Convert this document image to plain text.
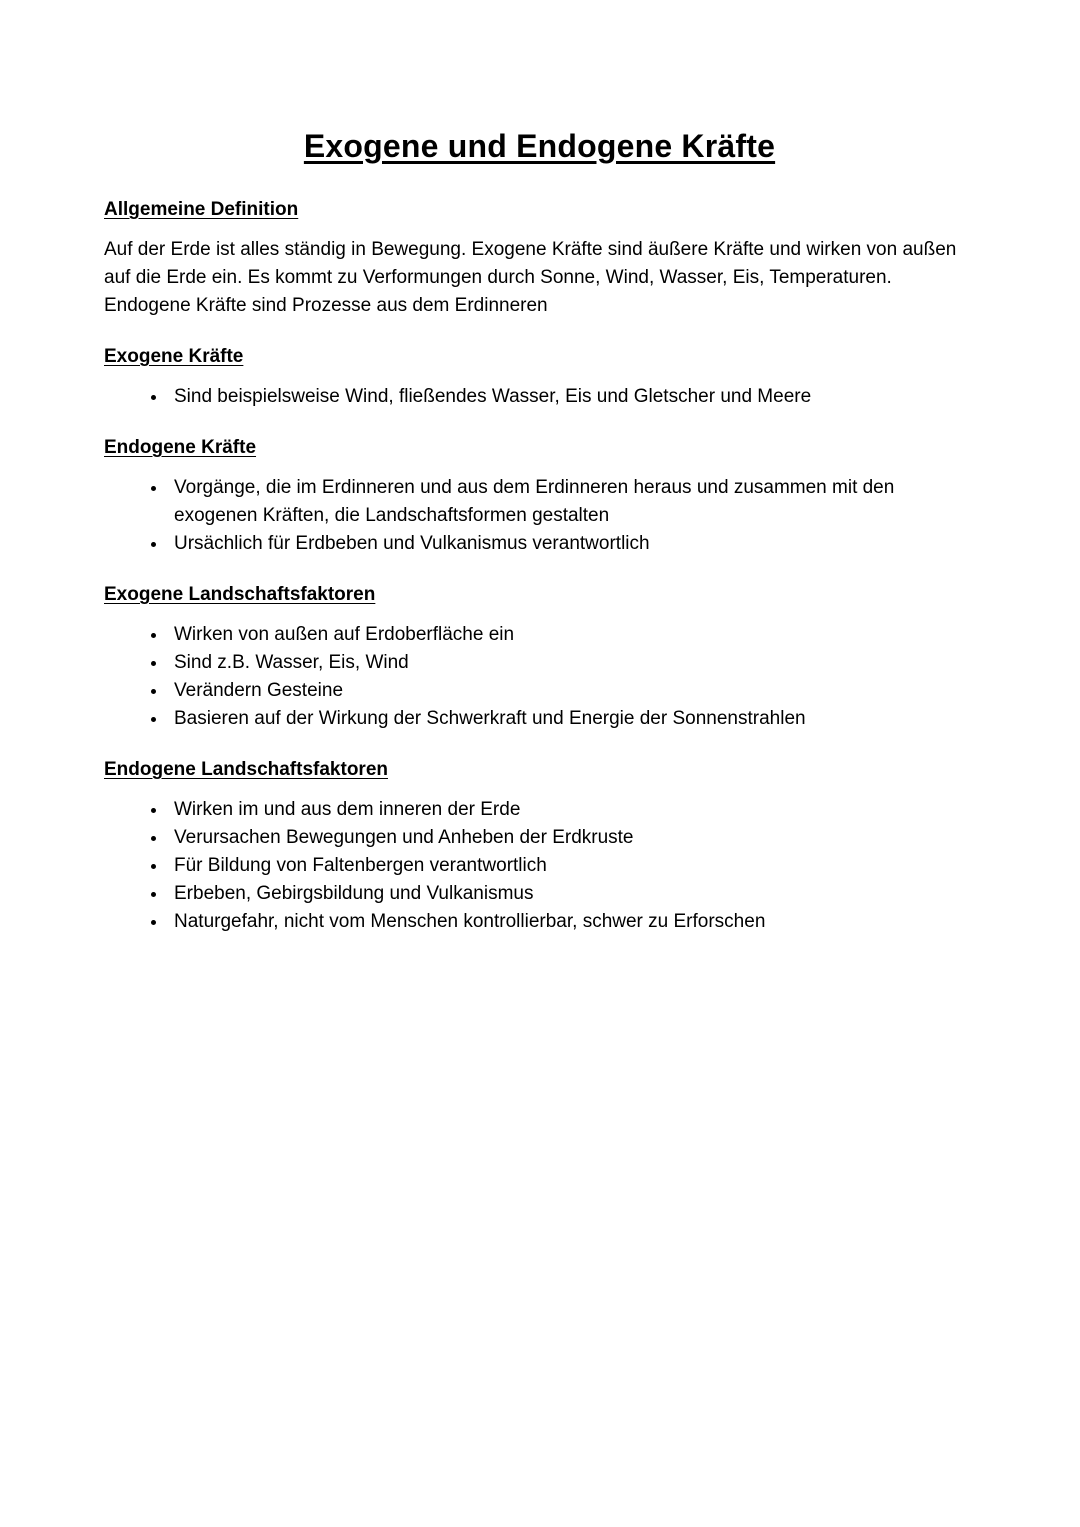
Exogene und Endogene Kräfte
Allgemeine Definition

Auf der Erde ist alles ständig in Bewegung. Exogene Kräfte sind äußere Kräfte und wirken von außen auf die Erde ein. Es kommt zu Verformungen durch Sonne, Wind, Wasser, Eis, Temperaturen. Endogene Kräfte sind Prozesse aus dem Erdinneren

Exogene Kräfte
• Sind beispielsweise Wind, fließendes Wasser, Eis und Gletscher und Meere
Endogene Kräfte
• Vorgänge, die im Erdinneren und aus dem Erdinneren heraus und zusammen mit den exogenen Kräften, die Landschaftsformen gestalten
• Ursächlich für Erdbeben und Vulkanismus verantwortlich
Exogene Landschaftsfaktoren
• Wirken von außen auf Erdoberfläche ein
• Sind z.B. Wasser, Eis, Wind
• Verändern Gesteine
• Basieren auf der Wirkung der Schwerkraft und Energie der Sonnenstrahlen
Endogene Landschaftsfaktoren
• Wirken im und aus dem inneren der Erde
• Verursachen Bewegungen und Anheben der Erdkruste
• Für Bildung von Faltenbergen verantwortlich
• Erbeben, Gebirgsbildung und Vulkanismus
• Naturgefahr, nicht vom Menschen kontrollierbar, schwer zu Erforschen
